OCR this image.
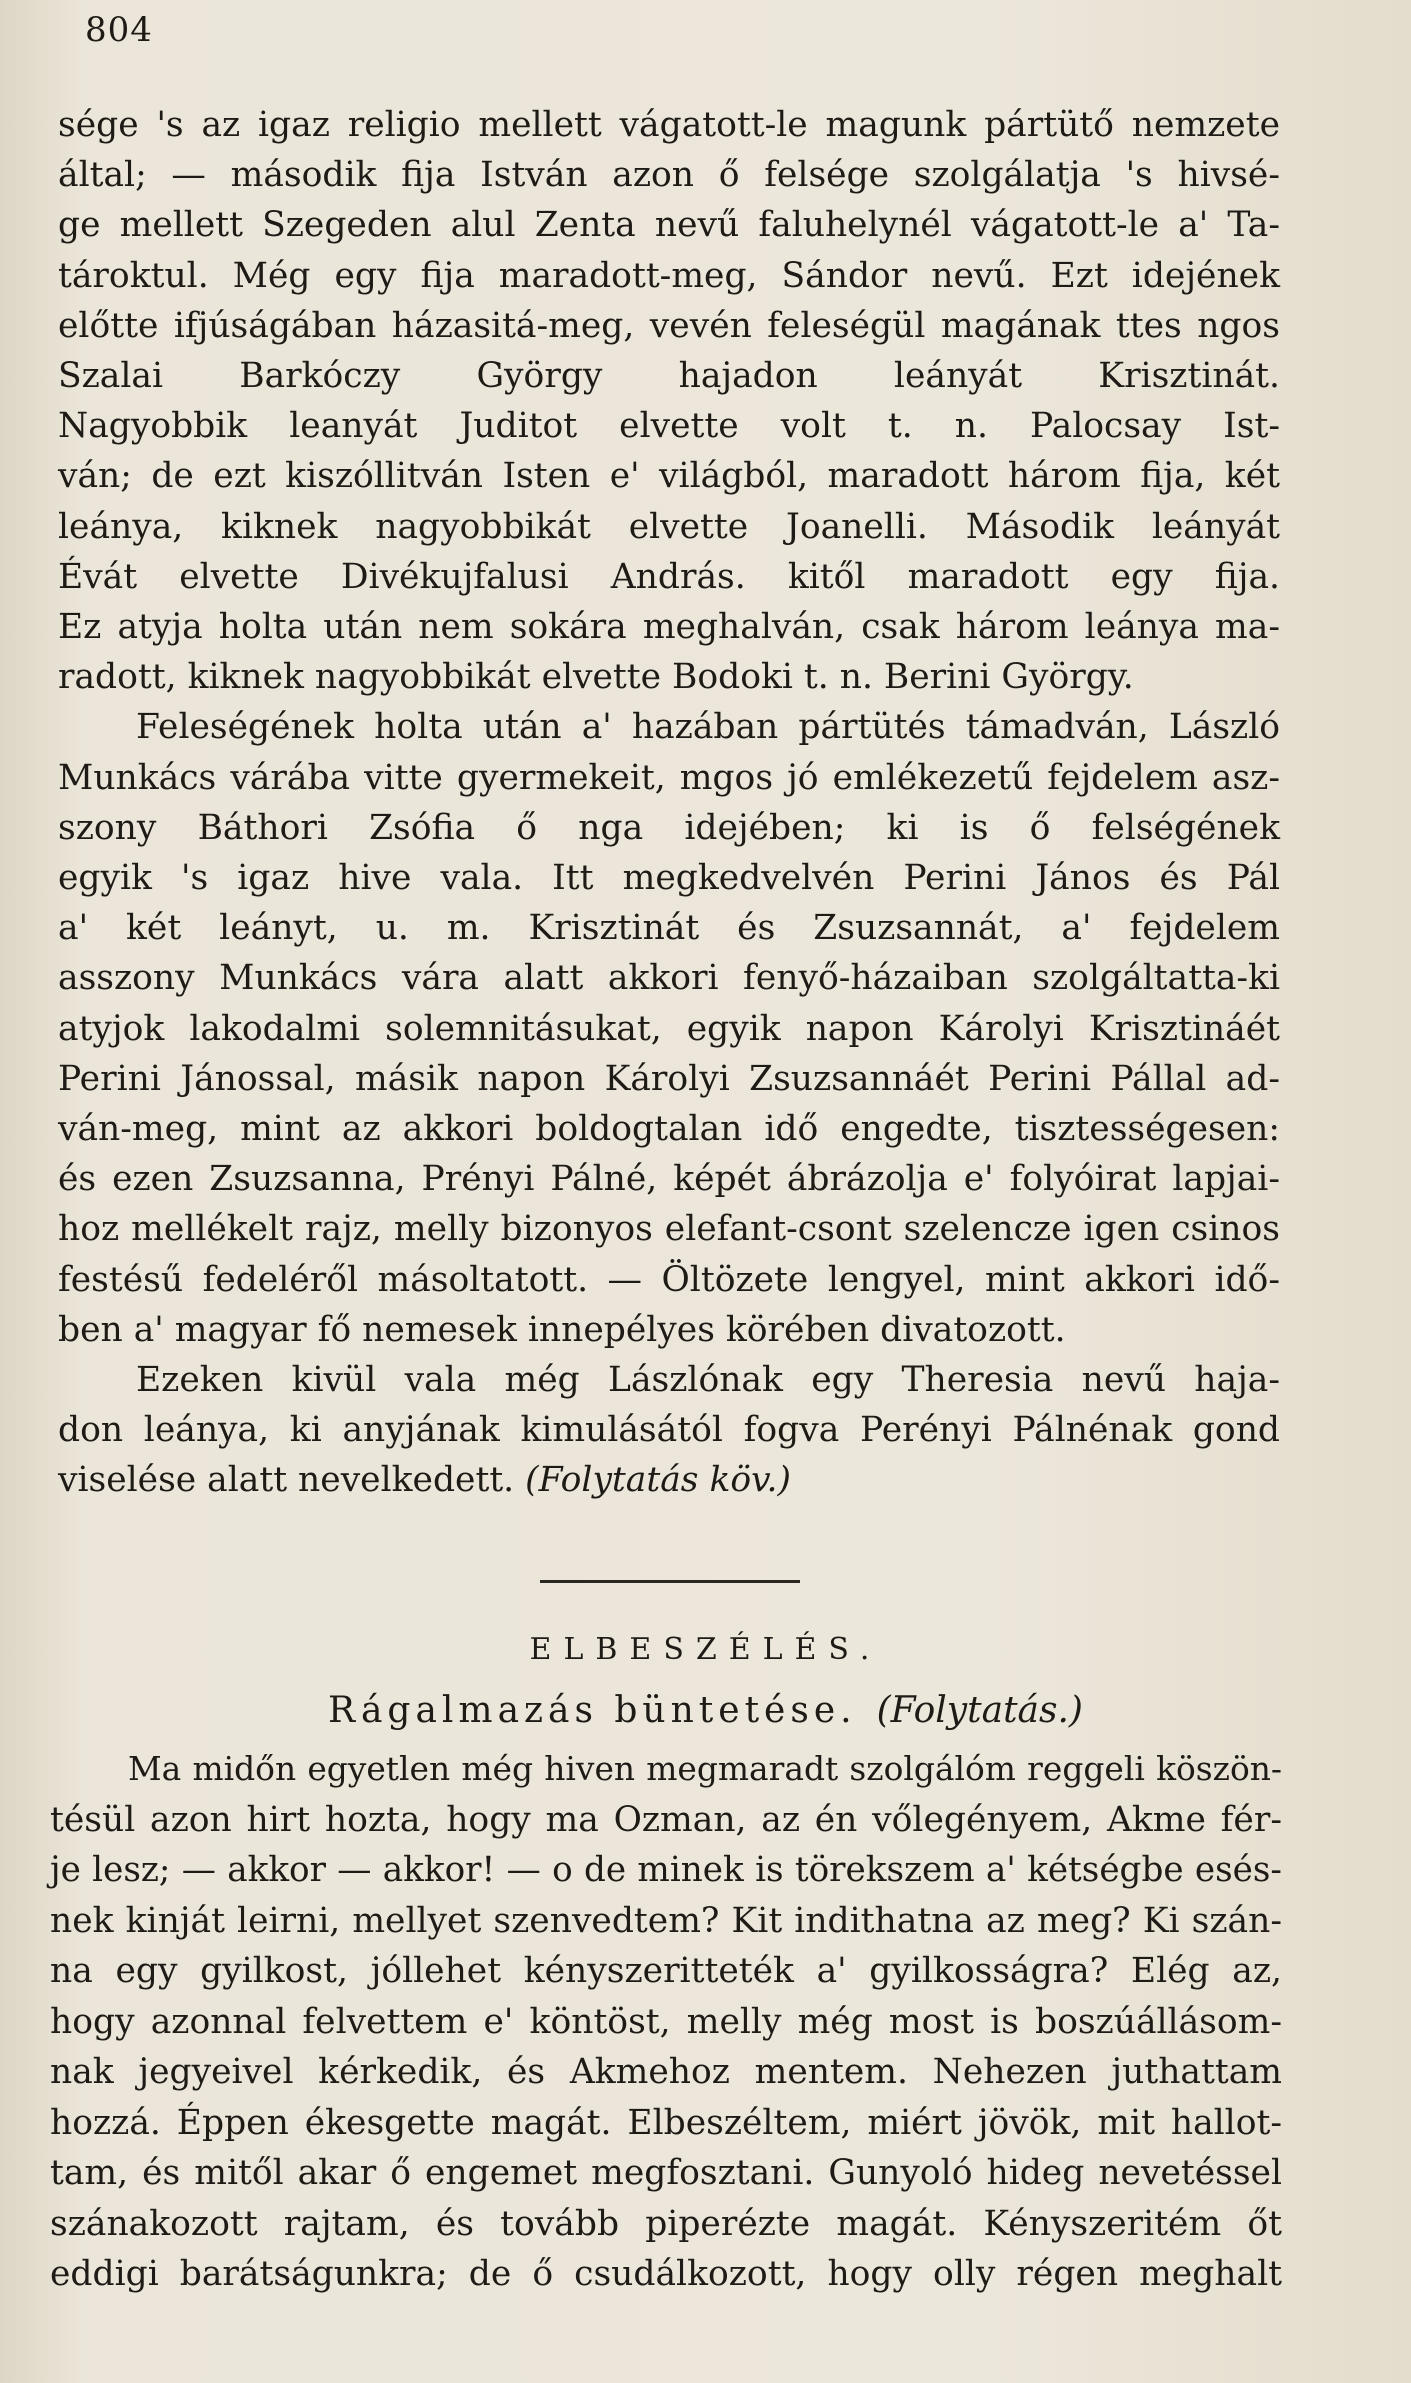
804
sége 's az igaz religio mellett vágatott-le magunk pártütő nemzete
által; — második fija István azon ő felsége szolgálatja 's hivsé-
ge mellett Szegeden alul Zenta nevű faluhelynél vágatott-le a' Ta-
tároktul. Még egy fija maradott-meg, Sándor nevű. Ezt idejének
előtte ifjúságában házasitá-meg, vevén feleségül magának ttes ngos
Szalai Barkóczy György hajadon leányát Krisztinát.
Nagyobbik leanyát Juditot elvette volt t. n. Palocsay Ist-
ván; de ezt kiszóllitván Isten e' világból, maradott három fija, két
leánya, kiknek nagyobbikát elvette Joanelli. Második leányát
Évát elvette Divékujfalusi András. kitől maradott egy fija.
Ez atyja holta után nem sokára meghalván, csak három leánya ma-
radott, kiknek nagyobbikát elvette Bodoki t. n. Berini György.
Feleségének holta után a' hazában pártütés támadván, László
Munkács várába vitte gyermekeit, mgos jó emlékezetű fejdelem asz-
szony Báthori Zsófia ő nga idejében; ki is ő felségének
egyik 's igaz hive vala. Itt megkedvelvén Perini János és Pál
a' két leányt, u. m. Krisztinát és Zsuzsannát, a' fejdelem
asszony Munkács vára alatt akkori fenyő-házaiban szolgáltatta-ki
atyjok lakodalmi solemnitásukat, egyik napon Károlyi Krisztináét
Perini Jánossal, másik napon Károlyi Zsuzsannáét Perini Pállal ad-
ván-meg, mint az akkori boldogtalan idő engedte, tisztességesen:
és ezen Zsuzsanna, Prényi Pálné, képét ábrázolja e' folyóirat lapjai-
hoz mellékelt rajz, melly bizonyos elefant-csont szelencze igen csinos
festésű fedeléről másoltatott. — Öltözete lengyel, mint akkori idő-
ben a' magyar fő nemesek innepélyes körében divatozott.
Ezeken kivül vala még Lászlónak egy Theresia nevű haja-
don leánya, ki anyjának kimulásától fogva Perényi Pálnénak gond
viselése alatt nevelkedett. (Folytatás köv.)
ELBESZÉLÉS.
Rágalmazás büntetése. (Folytatás.)
Ma midőn egyetlen még hiven megmaradt szolgálóm reggeli köszön-
tésül azon hirt hozta, hogy ma Ozman, az én vőlegényem, Akme fér-
je lesz; — akkor — akkor! — o de minek is törekszem a' kétségbe esés-
nek kinját leirni, mellyet szenvedtem? Kit indithatna az meg? Ki szán-
na egy gyilkost, jóllehet kényszeritteték a' gyilkosságra? Elég az,
hogy azonnal felvettem e' köntöst, melly még most is boszúállásom-
nak jegyeivel kérkedik, és Akmehoz mentem. Nehezen juthattam
hozzá. Éppen ékesgette magát. Elbeszéltem, miért jövök, mit hallot-
tam, és mitől akar ő engemet megfosztani. Gunyoló hideg nevetéssel
szánakozott rajtam, és tovább piperézte magát. Kényszeritém őt
eddigi barátságunkra; de ő csudálkozott, hogy olly régen meghalt
